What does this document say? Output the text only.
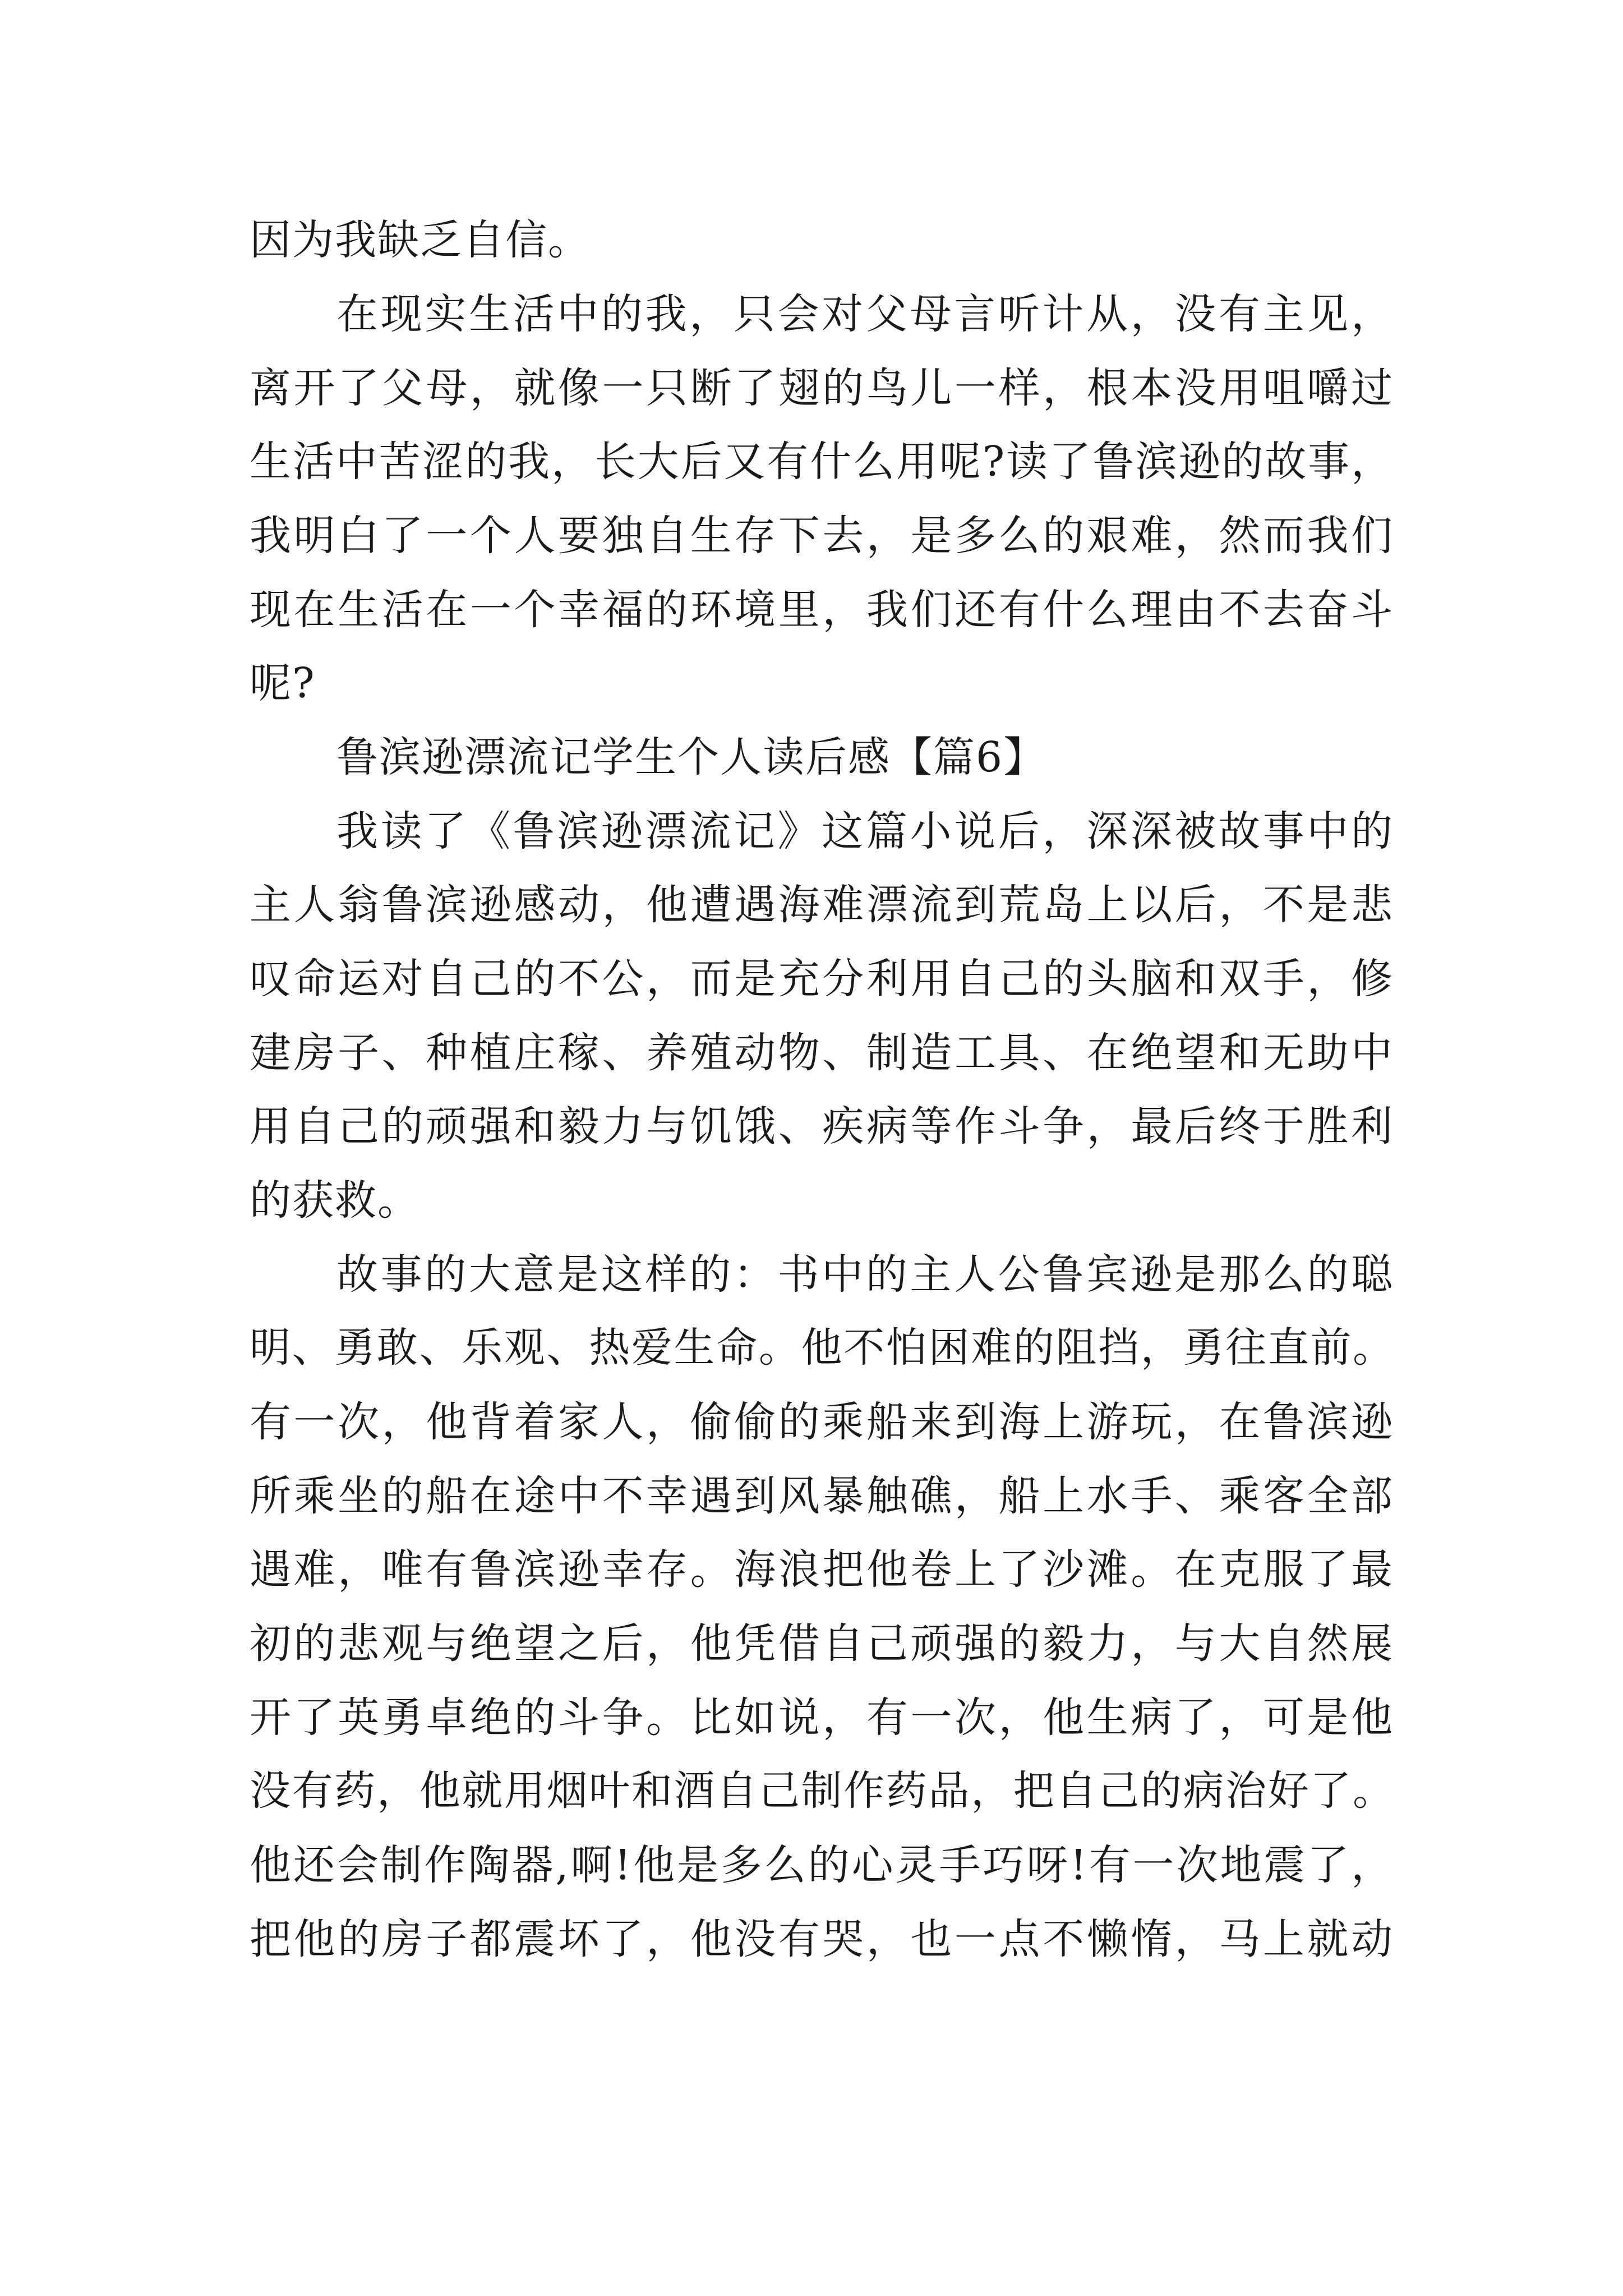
因为我缺乏自信。
在现实生活中的我，只会对父母言听计从，没有主见，
离开了父母，就像一只断了翅的鸟儿一样，根本没用咀嚼过
生活中苦涩的我，长大后又有什么用呢?读了鲁滨逊的故事，
我明白了一个人要独自生存下去，是多么的艰难，然而我们
现在生活在一个幸福的环境里，我们还有什么理由不去奋斗
呢?
鲁滨逊漂流记学生个人读后感【篇6】
我读了《鲁滨逊漂流记》这篇小说后，深深被故事中的
主人翁鲁滨逊感动，他遭遇海难漂流到荒岛上以后，不是悲
叹命运对自己的不公，而是充分利用自己的头脑和双手，修
建房子、种植庄稼、养殖动物、制造工具、在绝望和无助中
用自己的顽强和毅力与饥饿、疾病等作斗争，最后终于胜利
的获救。
故事的大意是这样的：书中的主人公鲁宾逊是那么的聪
明、勇敢、乐观、热爱生命。他不怕困难的阻挡，勇往直前。
有一次，他背着家人，偷偷的乘船来到海上游玩，在鲁滨逊
所乘坐的船在途中不幸遇到风暴触礁，船上水手、乘客全部
遇难，唯有鲁滨逊幸存。海浪把他卷上了沙滩。在克服了最
初的悲观与绝望之后，他凭借自己顽强的毅力，与大自然展
开了英勇卓绝的斗争。比如说，有一次，他生病了，可是他
没有药，他就用烟叶和酒自己制作药品，把自己的病治好了。
他还会制作陶器,啊!他是多么的心灵手巧呀!有一次地震了，
把他的房子都震坏了，他没有哭，也一点不懒惰，马上就动
